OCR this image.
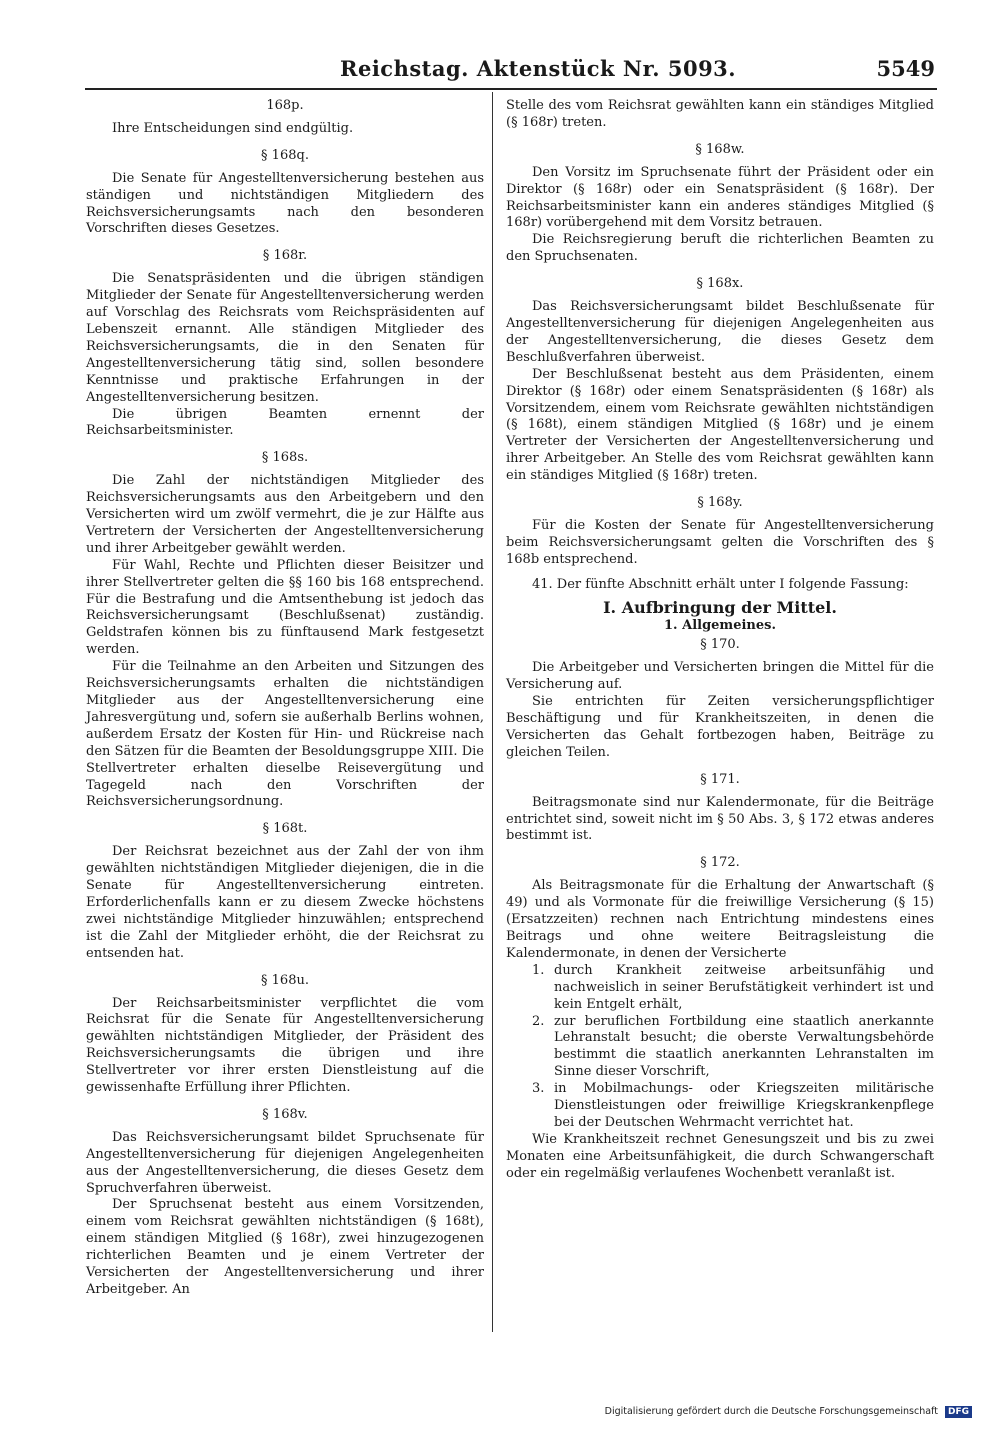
Reichstag. Aktenstück Nr. 5093.	5549
168p.

Ihre Entscheidungen sind endgültig.

§ 168q.

Die Senate für Angestelltenversicherung bestehen aus ständigen und nichtständigen Mitgliedern des Reichsversicherungsamts nach den besonderen Vorschriften dieses Gesetzes.

§ 168r.

Die Senatspräsidenten und die übrigen ständigen Mitglieder der Senate für Angestelltenversicherung werden auf Vorschlag des Reichsrats vom Reichspräsidenten auf Lebenszeit ernannt. Alle ständigen Mitglieder des Reichsversicherungsamts, die in den Senaten für Angestelltenversicherung tätig sind, sollen besondere Kenntnisse und praktische Erfahrungen in der Angestelltenversicherung besitzen.

Die übrigen Beamten ernennt der Reichsarbeitsminister.

§ 168s.

Die Zahl der nichtständigen Mitglieder des Reichsversicherungsamts aus den Arbeitgebern und den Versicherten wird um zwölf vermehrt, die je zur Hälfte aus Vertretern der Versicherten der Angestelltenversicherung und ihrer Arbeitgeber gewählt werden.

Für Wahl, Rechte und Pflichten dieser Beisitzer und ihrer Stellvertreter gelten die §§ 160 bis 168 entsprechend. Für die Bestrafung und die Amtsenthebung ist jedoch das Reichsversicherungsamt (Beschlußsenat) zuständig. Geldstrafen können bis zu fünftausend Mark festgesetzt werden.

Für die Teilnahme an den Arbeiten und Sitzungen des Reichsversicherungsamts erhalten die nichtständigen Mitglieder aus der Angestelltenversicherung eine Jahresvergütung und, sofern sie außerhalb Berlins wohnen, außerdem Ersatz der Kosten für Hin- und Rückreise nach den Sätzen für die Beamten der Besoldungsgruppe XIII. Die Stellvertreter erhalten dieselbe Reisevergütung und Tagegeld nach den Vorschriften der Reichsversicherungsordnung.

§ 168t.

Der Reichsrat bezeichnet aus der Zahl der von ihm gewählten nichtständigen Mitglieder diejenigen, die in die Senate für Angestelltenversicherung eintreten. Erforderlichenfalls kann er zu diesem Zwecke höchstens zwei nichtständige Mitglieder hinzuwählen; entsprechend ist die Zahl der Mitglieder erhöht, die der Reichsrat zu entsenden hat.

§ 168u.

Der Reichsarbeitsminister verpflichtet die vom Reichsrat für die Senate für Angestelltenversicherung gewählten nichtständigen Mitglieder, der Präsident des Reichsversicherungsamts die übrigen und ihre Stellvertreter vor ihrer ersten Dienstleistung auf die gewissenhafte Erfüllung ihrer Pflichten.

§ 168v.

Das Reichsversicherungsamt bildet Spruchsenate für Angestelltenversicherung für diejenigen Angelegenheiten aus der Angestelltenversicherung, die dieses Gesetz dem Spruchverfahren überweist.

Der Spruchsenat besteht aus einem Vorsitzenden, einem vom Reichsrat gewählten nichtständigen (§ 168t), einem ständigen Mitglied (§ 168r), zwei hinzugezogenen richterlichen Beamten und je einem Vertreter der Versicherten der Angestelltenversicherung und ihrer Arbeitgeber. An

Stelle des vom Reichsrat gewählten kann ein ständiges Mitglied (§ 168r) treten.

§ 168w.

Den Vorsitz im Spruchsenate führt der Präsident oder ein Direktor (§ 168r) oder ein Senatspräsident (§ 168r). Der Reichsarbeitsminister kann ein anderes ständiges Mitglied (§ 168r) vorübergehend mit dem Vorsitz betrauen.

Die Reichsregierung beruft die richterlichen Beamten zu den Spruchsenaten.

§ 168x.

Das Reichsversicherungsamt bildet Beschlußsenate für Angestelltenversicherung für diejenigen Angelegenheiten aus der Angestelltenversicherung, die dieses Gesetz dem Beschlußverfahren überweist.

Der Beschlußsenat besteht aus dem Präsidenten, einem Direktor (§ 168r) oder einem Senatspräsidenten (§ 168r) als Vorsitzendem, einem vom Reichsrate gewählten nichtständigen (§ 168t), einem ständigen Mitglied (§ 168r) und je einem Vertreter der Versicherten der Angestelltenversicherung und ihrer Arbeitgeber. An Stelle des vom Reichsrat gewählten kann ein ständiges Mitglied (§ 168r) treten.

§ 168y.

Für die Kosten der Senate für Angestelltenversicherung beim Reichsversicherungsamt gelten die Vorschriften des § 168b entsprechend.

41. Der fünfte Abschnitt erhält unter I folgende Fassung:

I. Aufbringung der Mittel.
1. Allgemeines.
§ 170.

Die Arbeitgeber und Versicherten bringen die Mittel für die Versicherung auf.

Sie entrichten für Zeiten versicherungspflichtiger Beschäftigung und für Krankheitszeiten, in denen die Versicherten das Gehalt fortbezogen haben, Beiträge zu gleichen Teilen.

§ 171.

Beitragsmonate sind nur Kalendermonate, für die Beiträge entrichtet sind, soweit nicht im § 50 Abs. 3, § 172 etwas anderes bestimmt ist.

§ 172.

Als Beitragsmonate für die Erhaltung der Anwartschaft (§ 49) und als Vormonate für die freiwillige Versicherung (§ 15) (Ersatzzeiten) rechnen nach Entrichtung mindestens eines Beitrags und ohne weitere Beitragsleistung die Kalendermonate, in denen der Versicherte

1. durch Krankheit zeitweise arbeitsunfähig und nachweislich in seiner Berufstätigkeit verhindert ist und kein Entgelt erhält,
2. zur beruflichen Fortbildung eine staatlich anerkannte Lehranstalt besucht; die oberste Verwaltungsbehörde bestimmt die staatlich anerkannten Lehranstalten im Sinne dieser Vorschrift,
3. in Mobilmachungs- oder Kriegszeiten militärische Dienstleistungen oder freiwillige Kriegskrankenpflege bei der Deutschen Wehrmacht verrichtet hat.

Wie Krankheitszeit rechnet Genesungszeit und bis zu zwei Monaten eine Arbeitsunfähigkeit, die durch Schwangerschaft oder ein regelmäßig verlaufenes Wochenbett veranlaßt ist.

Digitalisierung gefördert durch die Deutsche Forschungsgemeinschaft DFG
